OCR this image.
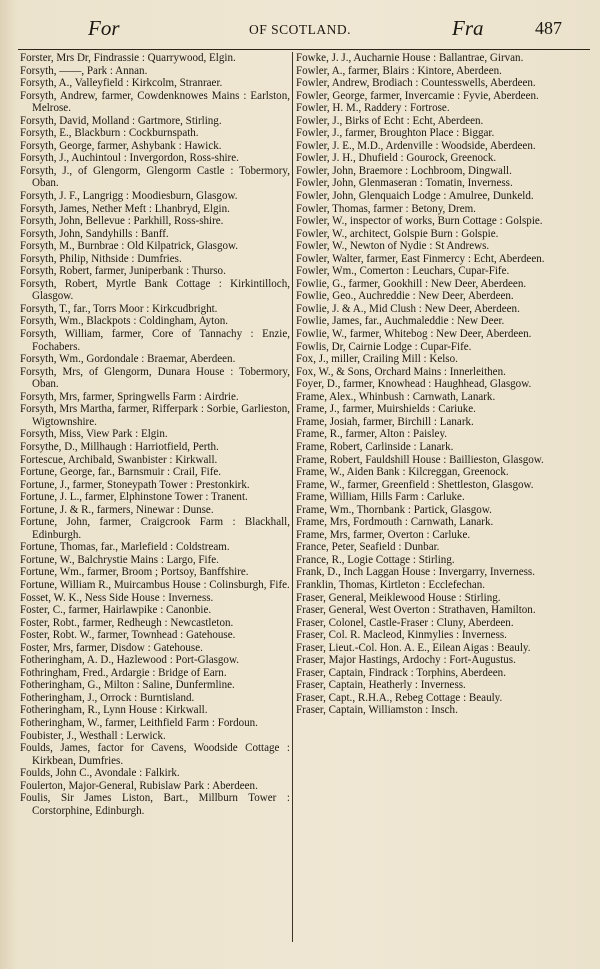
For	OF SCOTLAND.	Fra	487

Forster, Mrs Dr, Findrassie : Quarrywood, Elgin.

Forsyth, ——, Park : Annan.

Forsyth, A., Valleyfield : Kirkcolm, Stranraer.

Forsyth, Andrew, farmer, Cowdenknowes Mains : Earlston, Melrose.

Forsyth, David, Molland : Gartmore, Stirling.

Forsyth, E., Blackburn : Cockburnspath.

Forsyth, George, farmer, Ashybank : Hawick.

Forsyth, J., Auchintoul : Invergordon, Ross-shire.

Forsyth, J., of Glengorm, Glengorm Castle : Tobermory, Oban.

Forsyth, J. F., Langrigg : Moodiesburn, Glasgow.

Forsyth, James, Nether Meft : Lhanbryd, Elgin.

Forsyth, John, Bellevue : Parkhill, Ross-shire.

Forsyth, John, Sandyhills : Banff.

Forsyth, M., Burnbrae : Old Kilpatrick, Glasgow.

Forsyth, Philip, Nithside : Dumfries.

Forsyth, Robert, farmer, Juniperbank : Thurso.

Forsyth, Robert, Myrtle Bank Cottage : Kirkintilloch, Glasgow.

Forsyth, T., far., Torrs Moor : Kirkcudbright.

Forsyth, Wm., Blackpots : Coldingham, Ayton.

Forsyth, William, farmer, Core of Tannachy : Enzie, Fochabers.

Forsyth, Wm., Gordondale : Braemar, Aberdeen.

Forsyth, Mrs, of Glengorm, Dunara House : Tobermory, Oban.

Forsyth, Mrs, farmer, Springwells Farm : Airdrie.

Forsyth, Mrs Martha, farmer, Rifferpark : Sorbie, Garlieston, Wigtownshire.

Forsyth, Miss, View Park : Elgin.

Forsythe, D., Millhaugh : Harriotfield, Perth.

Fortescue, Archibald, Swanbister : Kirkwall.

Fortune, George, far., Barnsmuir : Crail, Fife.

Fortune, J., farmer, Stoneypath Tower : Prestonkirk.

Fortune, J. L., farmer, Elphinstone Tower : Tranent.

Fortune, J. & R., farmers, Ninewar : Dunse.

Fortune, John, farmer, Craigcrook Farm : Blackhall, Edinburgh.

Fortune, Thomas, far., Marlefield : Coldstream.

Fortune, W., Balchrystie Mains : Largo, Fife.

Fortune, Wm., farmer, Broom ; Portsoy, Banffshire.

Fortune, William R., Muircambus House : Colinsburgh, Fife.

Fosset, W. K., Ness Side House : Inverness.

Foster, C., farmer, Hairlawpike : Canonbie.

Foster, Robt., farmer, Redheugh : Newcastleton.

Foster, Robt. W., farmer, Townhead : Gatehouse.

Foster, Mrs, farmer, Disdow : Gatehouse.

Fotheringham, A. D., Hazlewood : Port-Glasgow.

Fothringham, Fred., Ardargie : Bridge of Earn.

Fotheringham, G., Milton : Saline, Dunfermline.

Fotheringham, J., Orrock : Burntisland.

Fotheringham, R., Lynn House : Kirkwall.

Fotheringham, W., farmer, Leithfield Farm : Fordoun.

Foubister, J., Westhall : Lerwick.

Foulds, James, factor for Cavens, Woodside Cottage : Kirkbean, Dumfries.

Foulds, John C., Avondale : Falkirk.

Foulerton, Major-General, Rubislaw Park : Aberdeen.

Foulis, Sir James Liston, Bart., Millburn Tower : Corstorphine, Edinburgh.

Fowke, J. J., Aucharnie House : Ballantrae, Girvan.

Fowler, A., farmer, Blairs : Kintore, Aberdeen.

Fowler, Andrew, Brodiach : Countesswells, Aberdeen.

Fowler, George, farmer, Invercamie : Fyvie, Aberdeen.

Fowler, H. M., Raddery : Fortrose.

Fowler, J., Birks of Echt : Echt, Aberdeen.

Fowler, J., farmer, Broughton Place : Biggar.

Fowler, J. E., M.D., Ardenville : Woodside, Aberdeen.

Fowler, J. H., Dhufield : Gourock, Greenock.

Fowler, John, Braemore : Lochbroom, Dingwall.

Fowler, John, Glenmaseran : Tomatin, Inverness.

Fowler, John, Glenquaich Lodge : Amulree, Dunkeld.

Fowler, Thomas, farmer : Betony, Drem.

Fowler, W., inspector of works, Burn Cottage : Golspie.

Fowler, W., architect, Golspie Burn : Golspie.

Fowler, W., Newton of Nydie : St Andrews.

Fowler, Walter, farmer, East Finmercy : Echt, Aberdeen.

Fowler, Wm., Comerton : Leuchars, Cupar-Fife.

Fowlie, G., farmer, Gookhill : New Deer, Aberdeen.

Fowlie, Geo., Auchreddie : New Deer, Aberdeen.

Fowlie, J. & A., Mid Clush : New Deer, Aberdeen.

Fowlie, James, far., Auchmaleddie : New Deer.

Fowlie, W., farmer, Whitebog : New Deer, Aberdeen.

Fowlis, Dr, Cairnie Lodge : Cupar-Fife.

Fox, J., miller, Crailing Mill : Kelso.

Fox, W., & Sons, Orchard Mains : Innerleithen.

Foyer, D., farmer, Knowhead : Haughhead, Glasgow.

Frame, Alex., Whinbush : Carnwath, Lanark.

Frame, J., farmer, Muirshields : Cariuke.

Frame, Josiah, farmer, Birchill : Lanark.

Frame, R., farmer, Alton : Paisley.

Frame, Robert, Carlinside : Lanark.

Frame, Robert, Fauldshill House : Baillieston, Glasgow.

Frame, W., Aiden Bank : Kilcreggan, Greenock.

Frame, W., farmer, Greenfield : Shettleston, Glasgow.

Frame, William, Hills Farm : Carluke.

Frame, Wm., Thornbank : Partick, Glasgow.

Frame, Mrs, Fordmouth : Carnwath, Lanark.

Frame, Mrs, farmer, Overton : Carluke.

France, Peter, Seafield : Dunbar.

France, R., Logie Cottage : Stirling.

Frank, D., Inch Laggan House : Invergarry, Inverness.

Franklin, Thomas, Kirtleton : Ecclefechan.

Fraser, General, Meiklewood House : Stirling.

Fraser, General, West Overton : Strathaven, Hamilton.

Fraser, Colonel, Castle-Fraser : Cluny, Aberdeen.

Fraser, Col. R. Macleod, Kinmylies : Inverness.

Fraser, Lieut.-Col. Hon. A. E., Eilean Aigas : Beauly.

Fraser, Major Hastings, Ardochy : Fort-Augustus.

Fraser, Captain, Findrack : Torphins, Aberdeen.

Fraser, Captain, Heatherly : Inverness.

Fraser, Capt., R.H.A., Rebeg Cottage : Beauly.

Fraser, Captain, Williamston : Insch.
